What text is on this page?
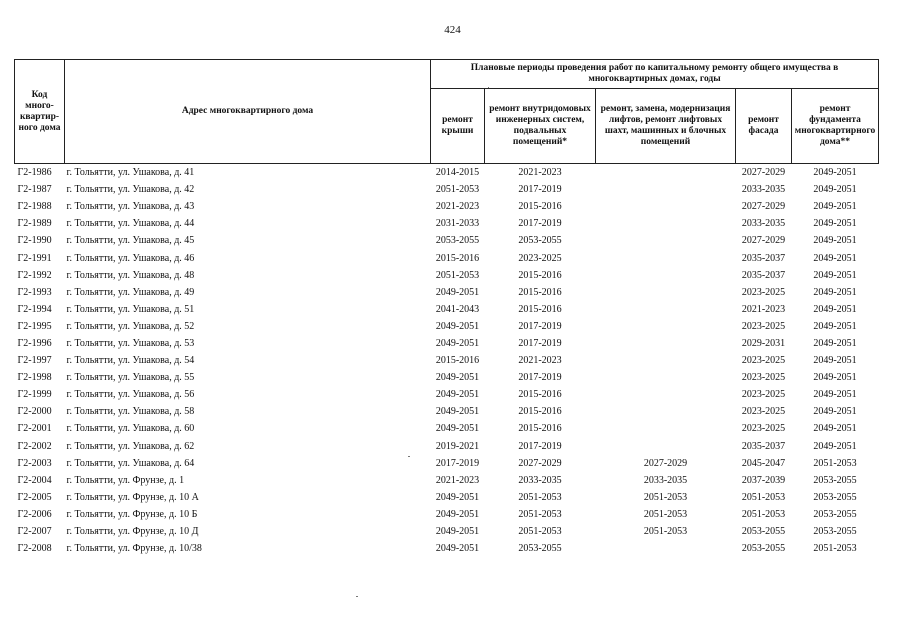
424
Код много-квартир-ного дома	Адрес многоквартирного дома	Плановые периоды проведения работ по капитальному ремонту общего имущества в многоквартирных домах, годы				
		ремонт крыши	ремонт внутридомовых инженерных систем, подвальных помещений*	ремонт, замена, модернизация лифтов, ремонт лифтовых шахт, машинных и блочных помещений	ремонт фасада	ремонт фундамента многоквартирного дома**
Г2-1986	г. Тольятти, ул. Ушакова, д. 41	2014-2015	2021-2023		2027-2029	2049-2051
Г2-1987	г. Тольятти, ул. Ушакова, д. 42	2051-2053	2017-2019		2033-2035	2049-2051
Г2-1988	г. Тольятти, ул. Ушакова, д. 43	2021-2023	2015-2016		2027-2029	2049-2051
Г2-1989	г. Тольятти, ул. Ушакова, д. 44	2031-2033	2017-2019		2033-2035	2049-2051
Г2-1990	г. Тольятти, ул. Ушакова, д. 45	2053-2055	2053-2055		2027-2029	2049-2051
Г2-1991	г. Тольятти, ул. Ушакова, д. 46	2015-2016	2023-2025		2035-2037	2049-2051
Г2-1992	г. Тольятти, ул. Ушакова, д. 48	2051-2053	2015-2016		2035-2037	2049-2051
Г2-1993	г. Тольятти, ул. Ушакова, д. 49	2049-2051	2015-2016		2023-2025	2049-2051
Г2-1994	г. Тольятти, ул. Ушакова, д. 51	2041-2043	2015-2016		2021-2023	2049-2051
Г2-1995	г. Тольятти, ул. Ушакова, д. 52	2049-2051	2017-2019		2023-2025	2049-2051
Г2-1996	г. Тольятти, ул. Ушакова, д. 53	2049-2051	2017-2019		2029-2031	2049-2051
Г2-1997	г. Тольятти, ул. Ушакова, д. 54	2015-2016	2021-2023		2023-2025	2049-2051
Г2-1998	г. Тольятти, ул. Ушакова, д. 55	2049-2051	2017-2019		2023-2025	2049-2051
Г2-1999	г. Тольятти, ул. Ушакова, д. 56	2049-2051	2015-2016		2023-2025	2049-2051
Г2-2000	г. Тольятти, ул. Ушакова, д. 58	2049-2051	2015-2016		2023-2025	2049-2051
Г2-2001	г. Тольятти, ул. Ушакова, д. 60	2049-2051	2015-2016		2023-2025	2049-2051
Г2-2002	г. Тольятти, ул. Ушакова, д. 62	2019-2021	2017-2019		2035-2037	2049-2051
Г2-2003	г. Тольятти, ул. Ушакова, д. 64	2017-2019	2027-2029	2027-2029	2045-2047	2051-2053
Г2-2004	г. Тольятти, ул. Фрунзе, д. 1	2021-2023	2033-2035	2033-2035	2037-2039	2053-2055
Г2-2005	г. Тольятти, ул. Фрунзе, д. 10 А	2049-2051	2051-2053	2051-2053	2051-2053	2053-2055
Г2-2006	г. Тольятти, ул. Фрунзе, д. 10 Б	2049-2051	2051-2053	2051-2053	2051-2053	2053-2055
Г2-2007	г. Тольятти, ул. Фрунзе, д. 10 Д	2049-2051	2051-2053	2051-2053	2053-2055	2053-2055
Г2-2008	г. Тольятти, ул. Фрунзе, д. 10/38	2049-2051	2053-2055		2053-2055	2051-2053
